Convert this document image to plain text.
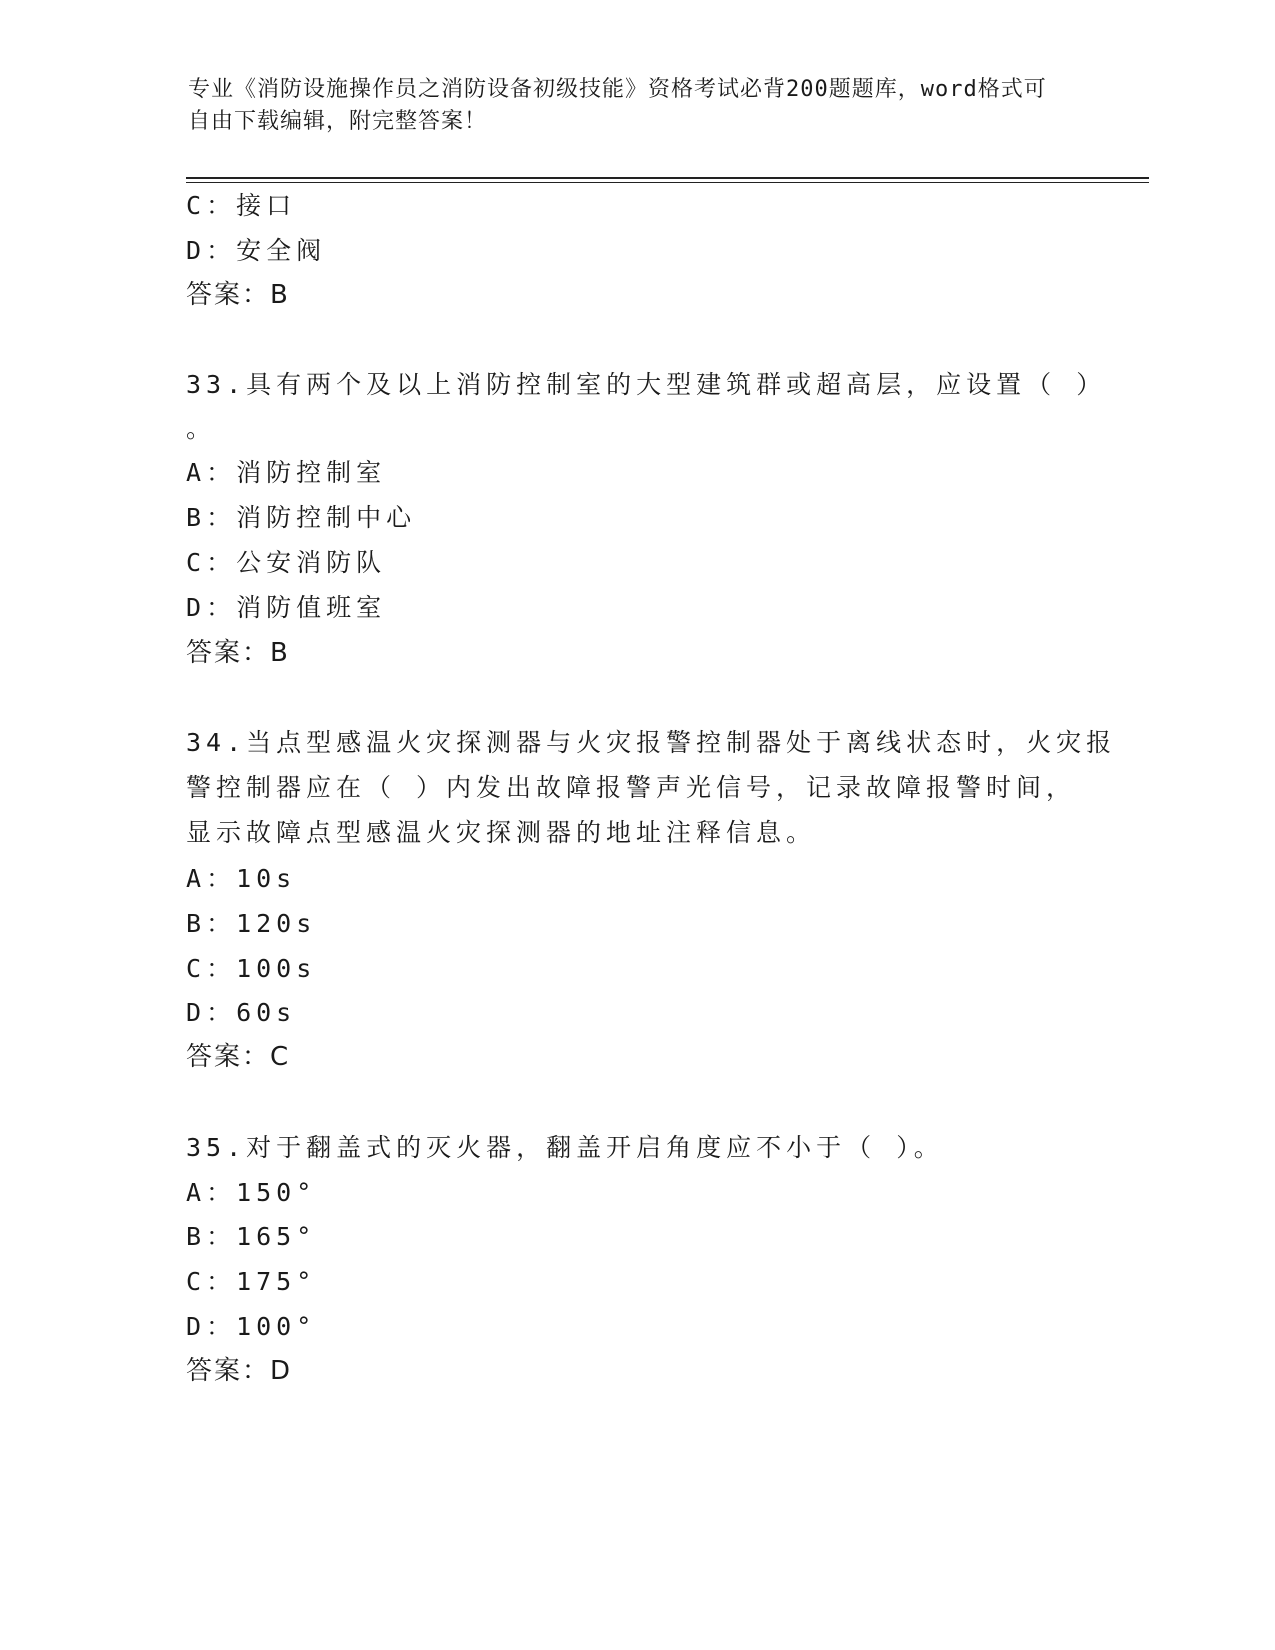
专业《消防设施操作员之消防设备初级技能》资格考试必背200题题库，word格式可自由下载编辑，附完整答案！
C：接口
D：安全阀
答案：B
33.具有两个及以上消防控制室的大型建筑群或超高层，应设置（ ）
。
A：消防控制室
B：消防控制中心
C：公安消防队
D：消防值班室
答案：B
34.当点型感温火灾探测器与火灾报警控制器处于离线状态时，火灾报
警控制器应在（ ）内发出故障报警声光信号，记录故障报警时间，
显示故障点型感温火灾探测器的地址注释信息。
A：10s
B：120s
C：100s
D：60s
答案：C
35.对于翻盖式的灭火器，翻盖开启角度应不小于（ ）。
A：150°
B：165°
C：175°
D：100°
答案：D
